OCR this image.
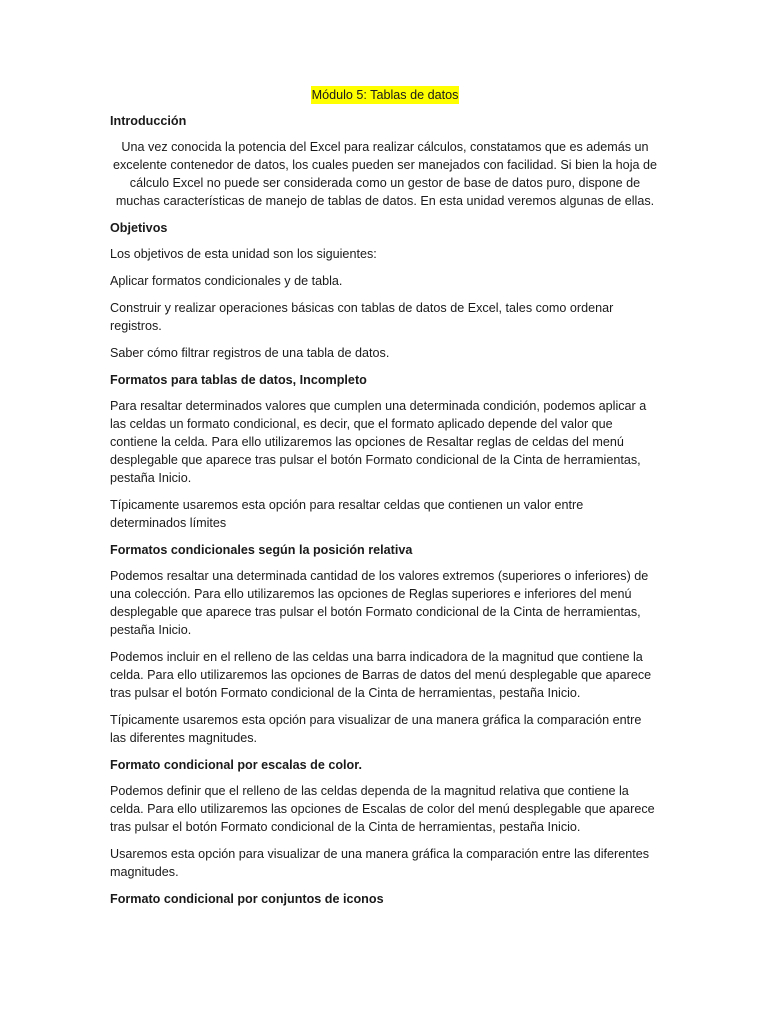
Módulo 5: Tablas de datos
Introducción

Una vez conocida la potencia del Excel para realizar cálculos, constatamos que es además un excelente contenedor de datos, los cuales pueden ser manejados con facilidad. Si bien la hoja de cálculo Excel no puede ser considerada como un gestor de base de datos puro, dispone de muchas características de manejo de tablas de datos. En esta unidad veremos algunas de ellas.

Objetivos

Los objetivos de esta unidad son los siguientes:

Aplicar formatos condicionales y de tabla.

Construir y realizar operaciones básicas con tablas de datos de Excel, tales como ordenar registros.

Saber cómo filtrar registros de una tabla de datos.

Formatos para tablas de datos, Incompleto

Para resaltar determinados valores que cumplen una determinada condición, podemos aplicar a las celdas un formato condicional, es decir, que el formato aplicado depende del valor que contiene la celda. Para ello utilizaremos las opciones de Resaltar reglas de celdas del menú desplegable que aparece tras pulsar el botón Formato condicional de la Cinta de herramientas, pestaña Inicio.

Típicamente usaremos esta opción para resaltar celdas que contienen un valor entre determinados límites

Formatos condicionales según la posición relativa

Podemos resaltar una determinada cantidad de los valores extremos (superiores o inferiores) de una colección. Para ello utilizaremos las opciones de Reglas superiores e inferiores del menú desplegable que aparece tras pulsar el botón Formato condicional de la Cinta de herramientas, pestaña Inicio.

Podemos incluir en el relleno de las celdas una barra indicadora de la magnitud que contiene la celda. Para ello utilizaremos las opciones de Barras de datos del menú desplegable que aparece tras pulsar el botón Formato condicional de la Cinta de herramientas, pestaña Inicio.

Típicamente usaremos esta opción para visualizar de una manera gráfica la comparación entre las diferentes magnitudes.

Formato condicional por escalas de color.

Podemos definir que el relleno de las celdas dependa de la magnitud relativa que contiene la celda. Para ello utilizaremos las opciones de Escalas de color del menú desplegable que aparece tras pulsar el botón Formato condicional de la Cinta de herramientas, pestaña Inicio.

Usaremos esta opción para visualizar de una manera gráfica la comparación entre las diferentes magnitudes.

Formato condicional por conjuntos de iconos
